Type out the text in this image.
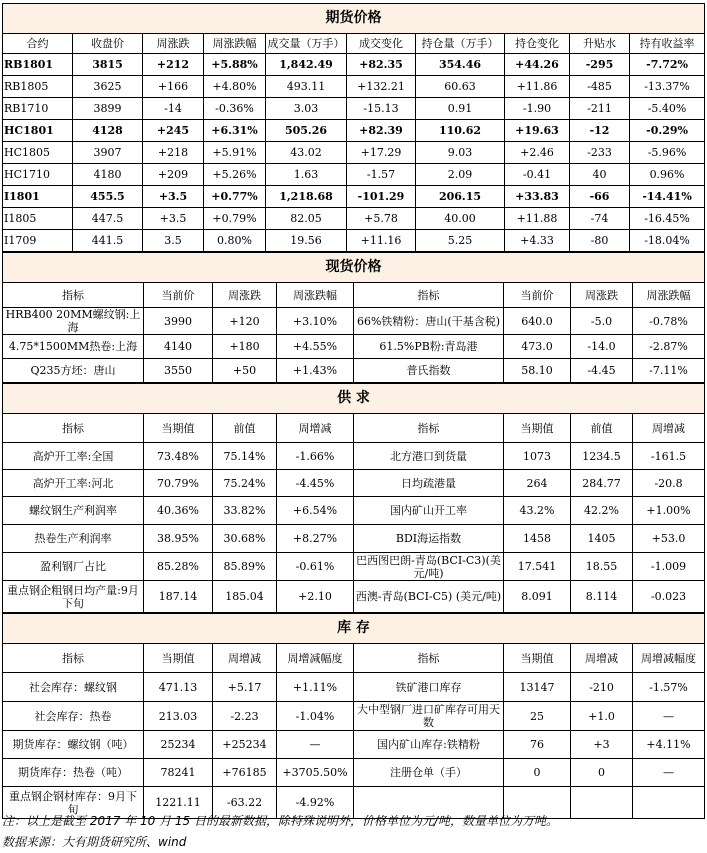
期货价格									
合约	收盘价	周涨跌	周涨跌幅	成交量（万手）	成交变化	持仓量（万手）	持仓变化	升贴水	持有收益率
RB1801	3815	+212	+5.88%	1,842.49	+82.35	354.46	+44.26	-295	-7.72%
RB1805	3625	+166	+4.80%	493.11	+132.21	60.63	+11.86	-485	-13.37%
RB1710	3899	-14	-0.36%	3.03	-15.13	0.91	-1.90	-211	-5.40%
HC1801	4128	+245	+6.31%	505.26	+82.39	110.62	+19.63	-12	-0.29%
HC1805	3907	+218	+5.91%	43.02	+17.29	9.03	+2.46	-233	-5.96%
HC1710	4180	+209	+5.26%	1.63	-1.57	2.09	-0.41	40	0.96%
I1801	455.5	+3.5	+0.77%	1,218.68	-101.29	206.15	+33.83	-66	-14.41%
I1805	447.5	+3.5	+0.79%	82.05	+5.78	40.00	+11.88	-74	-16.45%
I1709	441.5	3.5	0.80%	19.56	+11.16	5.25	+4.33	-80	-18.04%
现货价格							
指标	当前价	周涨跌	周涨跌幅	指标	当前价	周涨跌	周涨跌幅
HRB400 20MM螺纹钢:上海	3990	+120	+3.10%	66%铁精粉：唐山(干基含税)	640.0	-5.0	-0.78%
4.75*1500MM热卷:上海	4140	+180	+4.55%	61.5%PB粉:青岛港	473.0	-14.0	-2.87%
Q235方坯：唐山	3550	+50	+1.43%	普氏指数	58.10	-4.45	-7.11%
供 求							
指标	当期值	前值	周增减	指标	当期值	前值	周增减
高炉开工率:全国	73.48%	75.14%	-1.66%	北方港口到货量	1073	1234.5	-161.5
高炉开工率:河北	70.79%	75.24%	-4.45%	日均疏港量	264	284.77	-20.8
螺纹钢生产利润率	40.36%	33.82%	+6.54%	国内矿山开工率	43.2%	42.2%	+1.00%
热卷生产利润率	38.95%	30.68%	+8.27%	BDI海运指数	1458	1405	+53.0
盈利钢厂占比	85.28%	85.89%	-0.61%	巴西图巴朗-青岛(BCI-C3)(美元/吨)	17.541	18.55	-1.009
重点钢企粗钢日均产量:9月下旬	187.14	185.04	+2.10	西澳-青岛(BCI-C5) (美元/吨)	8.091	8.114	-0.023
库 存							
指标	当期值	周增减	周增减幅度	指标	当期值	周增减	周增减幅度
社会库存：螺纹钢	471.13	+5.17	+1.11%	铁矿港口库存	13147	-210	-1.57%
社会库存：热卷	213.03	-2.23	-1.04%	大中型钢厂进口矿库存可用天数	25	+1.0	—
期货库存：螺纹钢（吨）	25234	+25234	—	国内矿山库存:铁精粉	76	+3	+4.11%
期货库存：热卷（吨）	78241	+76185	+3705.50%	注册仓单（手）	0	0	—
重点钢企钢材库存：9月下旬	1221.11	-63.22	-4.92%				
注：以上是截至 2017 年 10 月 15 日的最新数据，除特殊说明外，价格单位为元/吨，数量单位为万吨。
数据来源：大有期货研究所、wind
